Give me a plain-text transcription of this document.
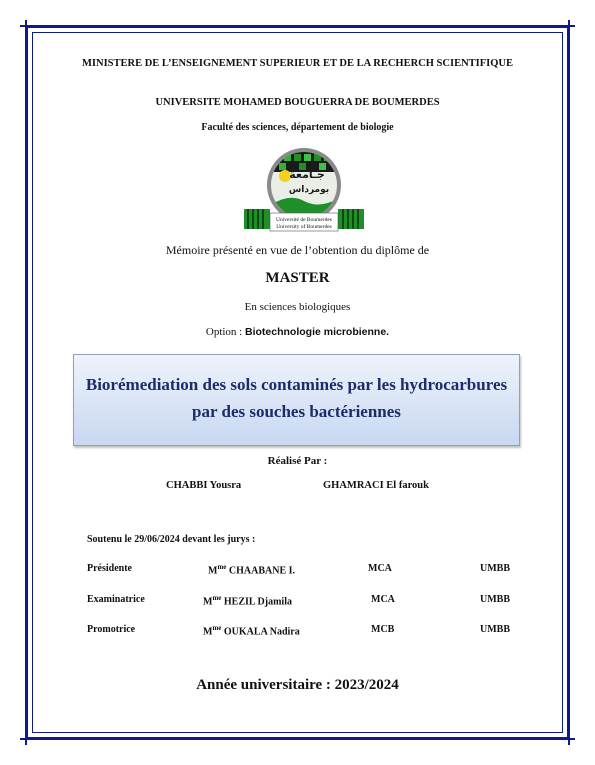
MINISTERE DE L’ENSEIGNEMENT SUPERIEUR ET DE LA RECHERCH SCIENTIFIQUE
UNIVERSITE MOHAMED BOUGUERRA DE BOUMERDES
Faculté des sciences, département de biologie
جـامعة
بومرداس
Université de Boumerdes
University of Boumerdes
Mémoire présenté en vue de l’obtention du diplôme de
MASTER
En sciences biologiques
Option : Biotechnologie microbienne.
Biorémediation des sols contaminés par les hydrocarbures
par des souches bactériennes
Réalisé Par :
CHABBI Yousra	GHAMRACI El farouk
Soutenu le 29/06/2024 devant les jurys :
Présidente	$M^{me}$ CHAABANE I.	MCA	UMBB
Examinatrice	$M^{me}$ HEZIL Djamila	MCA	UMBB
Promotrice	$M^{me}$ OUKALA Nadira	MCB	UMBB
Année universitaire : 2023/2024
